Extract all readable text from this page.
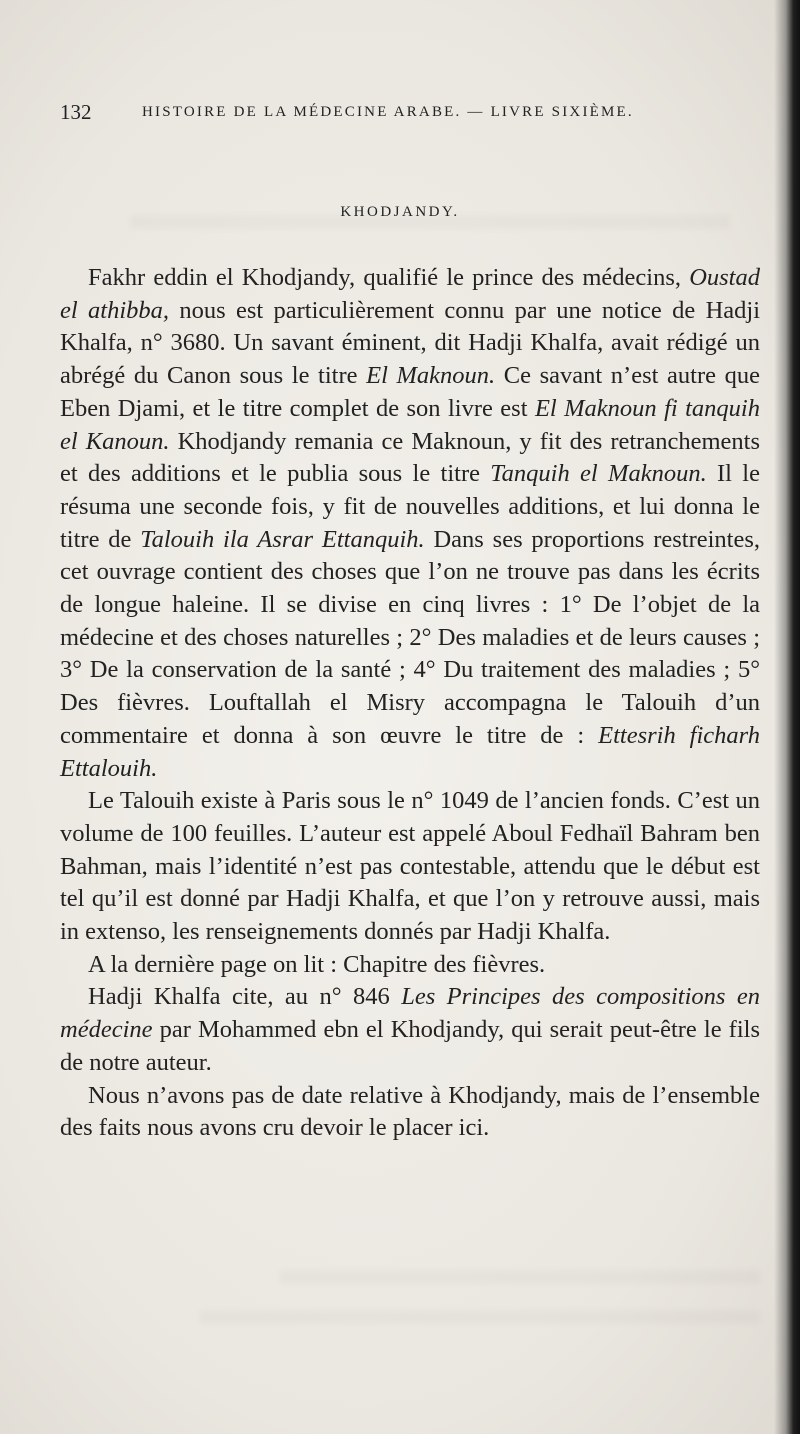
132	HISTOIRE DE LA MÉDECINE ARABE. — LIVRE SIXIÈME.
KHODJANDY.

Fakhr eddin el Khodjandy, qualifié le prince des médecins, Oustad el athibba, nous est particulièrement connu par une notice de Hadji Khalfa, n° 3680. Un savant éminent, dit Hadji Khalfa, avait rédigé un abrégé du Canon sous le titre El Maknoun. Ce savant n’est autre que Eben Djami, et le titre complet de son livre est El Maknoun fi tanquih el Kanoun. Khodjandy remania ce Maknoun, y fit des retranchements et des additions et le publia sous le titre Tanquih el Maknoun. Il le résuma une seconde fois, y fit de nouvelles additions, et lui donna le titre de Talouih ila Asrar Ettanquih. Dans ses proportions restreintes, cet ouvrage contient des choses que l’on ne trouve pas dans les écrits de longue haleine. Il se divise en cinq livres : 1° De l’objet de la médecine et des choses naturelles ; 2° Des maladies et de leurs causes ; 3° De la conservation de la santé ; 4° Du traitement des maladies ; 5° Des fièvres. Louftallah el Misry accompagna le Talouih d’un commentaire et donna à son œuvre le titre de : Ettesrih ficharh Ettalouih.

Le Talouih existe à Paris sous le n° 1049 de l’ancien fonds. C’est un volume de 100 feuilles. L’auteur est appelé Aboul Fedhaïl Bahram ben Bahman, mais l’identité n’est pas contestable, attendu que le début est tel qu’il est donné par Hadji Khalfa, et que l’on y retrouve aussi, mais in extenso, les renseignements donnés par Hadji Khalfa.

A la dernière page on lit : Chapitre des fièvres.

Hadji Khalfa cite, au n° 846 Les Principes des compositions en médecine par Mohammed ebn el Khodjandy, qui serait peut-être le fils de notre auteur.

Nous n’avons pas de date relative à Khodjandy, mais de l’ensemble des faits nous avons cru devoir le placer ici.
